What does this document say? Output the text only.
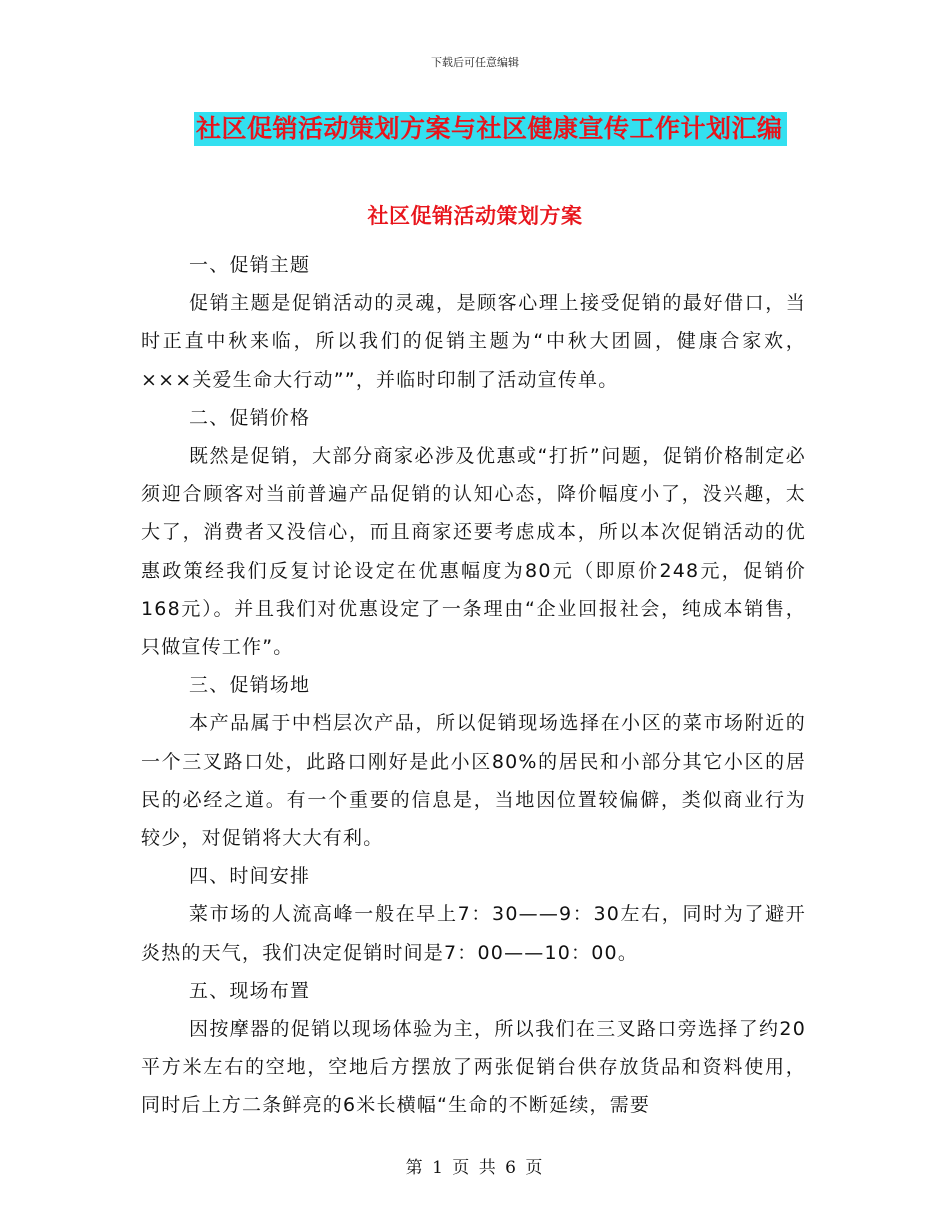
下载后可任意编辑
社区促销活动策划方案与社区健康宣传工作计划汇编
社区促销活动策划方案

一、促销主题

促销主题是促销活动的灵魂，是顾客心理上接受促销的最好借口，当时正直中秋来临，所以我们的促销主题为“中秋大团圆，健康合家欢，×××关爱生命大行动””，并临时印制了活动宣传单。

二、促销价格

既然是促销，大部分商家必涉及优惠或“打折”问题，促销价格制定必须迎合顾客对当前普遍产品促销的认知心态，降价幅度小了，没兴趣，太大了，消费者又没信心，而且商家还要考虑成本，所以本次促销活动的优惠政策经我们反复讨论设定在优惠幅度为80元（即原价248元，促销价168元）。并且我们对优惠设定了一条理由“企业回报社会，纯成本销售，只做宣传工作”。

三、促销场地

本产品属于中档层次产品，所以促销现场选择在小区的菜市场附近的一个三叉路口处，此路口刚好是此小区80%的居民和小部分其它小区的居民的必经之道。有一个重要的信息是，当地因位置较偏僻，类似商业行为较少，对促销将大大有利。

四、时间安排

菜市场的人流高峰一般在早上7：30——9：30左右，同时为了避开炎热的天气，我们决定促销时间是7：00——10：00。

五、现场布置

因按摩器的促销以现场体验为主，所以我们在三叉路口旁选择了约20平方米左右的空地，空地后方摆放了两张促销台供存放货品和资料使用，同时后上方二条鲜亮的6米长横幅“生命的不断延续，需要

第 1 页 共 6 页
